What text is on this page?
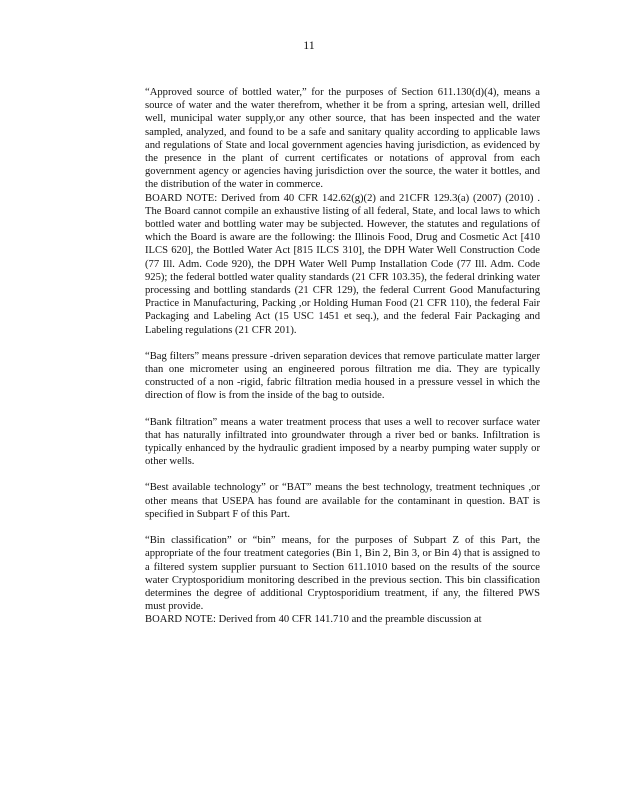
11

“Approved source of bottled water,” for the purposes of Section 611.130(d)(4), means a source of water and the water therefrom, whether it be from a spring, artesian well, drilled well, municipal water supply,or any other source, that has been inspected and the water sampled, analyzed, and found to be a safe and sanitary quality according to applicable laws and regulations of State and local government agencies having jurisdiction, as evidenced by the presence in the plant of current certificates or notations of approval from each government agency or agencies having jurisdiction over the source, the water it bottles, and the distribution of the water in commerce.

BOARD NOTE: Derived from 40 CFR 142.62(g)(2) and 21CFR 129.3(a) (2007) (2010) . The Board cannot compile an exhaustive listing of all federal, State, and local laws to which bottled water and bottling water may be subjected. However, the statutes and regulations of which the Board is aware are the following: the Illinois Food, Drug and Cosmetic Act [410 ILCS 620], the Bottled Water Act [815 ILCS 310], the DPH Water Well Construction Code (77 Ill. Adm. Code 920), the DPH Water Well Pump Installation Code (77 Ill. Adm. Code 925); the federal bottled water quality standards (21 CFR 103.35), the federal drinking water processing and bottling standards (21 CFR 129), the federal Current Good Manufacturing Practice in Manufacturing, Packing ,or Holding Human Food (21 CFR 110), the federal Fair Packaging and Labeling Act (15 USC 1451 et seq.), and the federal Fair Packaging and Labeling regulations (21 CFR 201).

“Bag filters” means pressure -driven separation devices that remove particulate matter larger than one micrometer using an engineered porous filtration me dia. They are typically constructed of a non -rigid, fabric filtration media housed in a pressure vessel in which the direction of flow is from the inside of the bag to outside.

“Bank filtration” means a water treatment process that uses a well to recover surface water that has naturally infiltrated into groundwater through a river bed or banks. Infiltration is typically enhanced by the hydraulic gradient imposed by a nearby pumping water supply or other wells.

“Best available technology” or “BAT” means the best technology, treatment techniques ,or other means that USEPA has found are available for the contaminant in question. BAT is specified in Subpart F of this Part.

“Bin classification” or “bin” means, for the purposes of Subpart Z of this Part, the appropriate of the four treatment categories (Bin 1, Bin 2, Bin 3, or Bin 4) that is assigned to a filtered system supplier pursuant to Section 611.1010 based on the results of the source water Cryptosporidium monitoring described in the previous section. This bin classification determines the degree of additional Cryptosporidium treatment, if any, the filtered PWS must provide.

BOARD NOTE: Derived from 40 CFR 141.710 and the preamble discussion at
